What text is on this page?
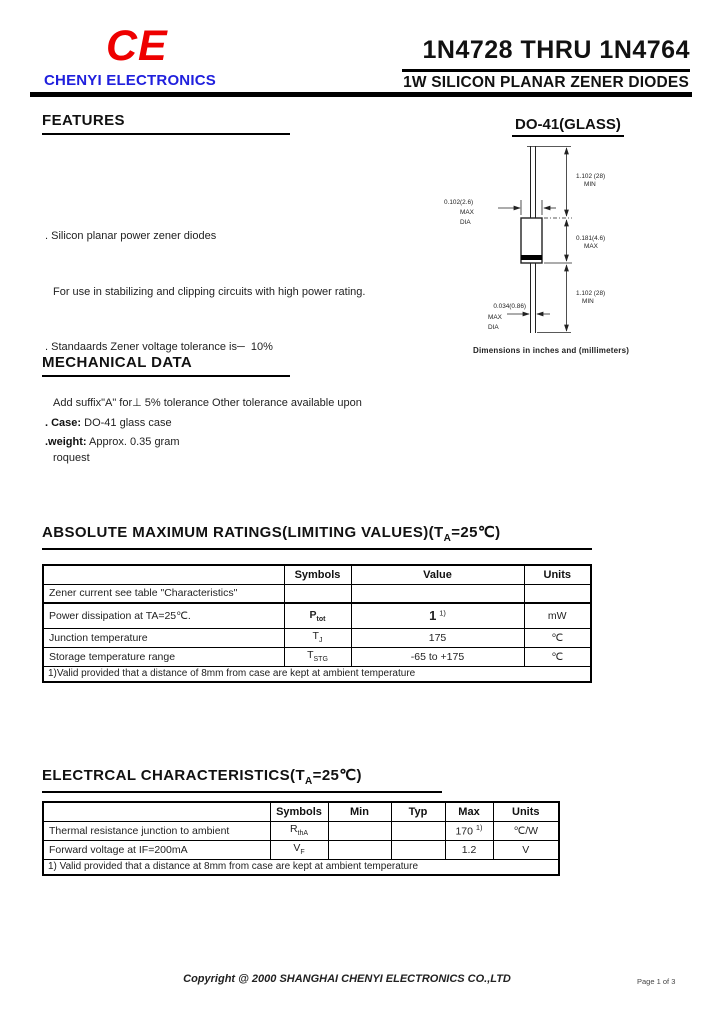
CE
CHENYI ELECTRONICS
1N4728 THRU 1N4764
1W SILICON PLANAR ZENER DIODES
FEATURES

. Silicon planar power zener diodes

For use in stabilizing and clipping circuits with high power rating.

. Standaards Zener voltage tolerance is─  10%

Add suffix"A" for⊥ 5% tolerance Other tolerance available upon

roquest

DO-41(GLASS)
1.102 (28)
MIN
0.102(2.6)
MAX
DIA
0.181(4.6)
MAX
1.102 (28)
MIN
0.034(0.86)
MAX
DIA
Dimensions in inches and (millimeters)
MECHANICAL DATA
. Case: DO-41 glass case
.weight: Approx. 0.35 gram
ABSOLUTE MAXIMUM RATINGS(LIMITING $VALUES)(T_A=25℃)$
	Symbols	Value	Units
Zener current see table "Characteristics"			
Power dissipation at TA=25℃.	$P_{tot}$	1 $^{1)}$	mW
Junction temperature	$T_J$	175	℃
Storage temperature range	$T_{STG}$	-65 to +175	℃
1)Valid provided that a distance of 8mm from case are kept at ambient temperature			
ELECTRCAL $CHARACTERISTICS(T_A=25℃)$
	Symbols	Min	Typ	Max	Units
Thermal resistance junction to ambient	$R_{thA}$			170 $^{1)}$	℃/W
Forward voltage at IF=200mA	$V_F$			1.2	V
1) Valid provided that a distance at 8mm from case are kept at ambient temperature					
Copyright @ 2000 SHANGHAI CHENYI ELECTRONICS CO.,LTD	Page 1 of 3
